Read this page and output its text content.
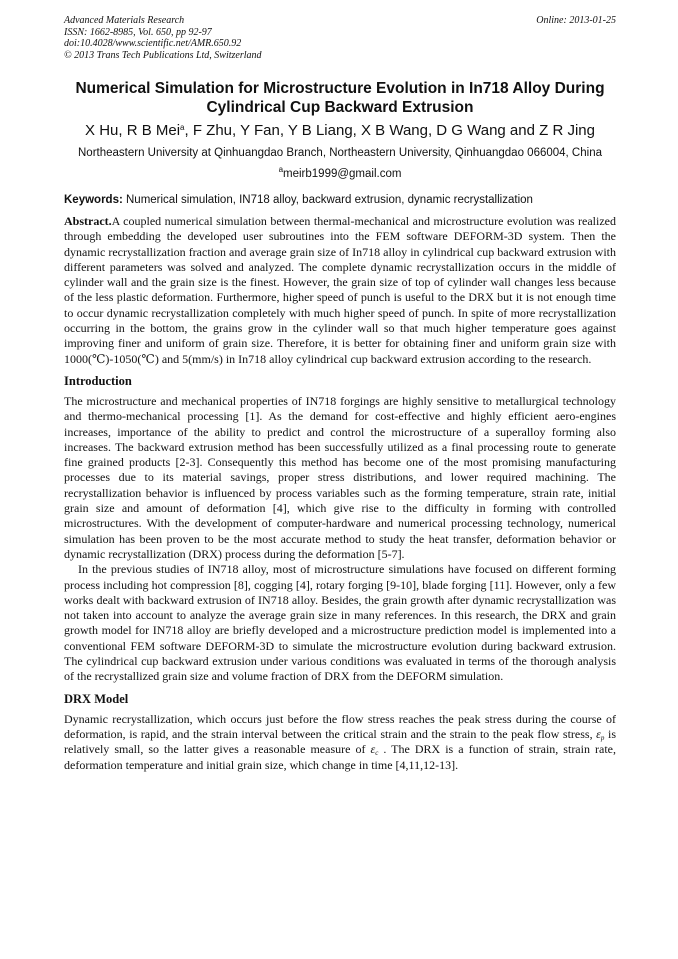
Advanced Materials Research
ISSN: 1662-8985, Vol. 650, pp 92-97
doi:10.4028/www.scientific.net/AMR.650.92
© 2013 Trans Tech Publications Ltd, Switzerland
Online: 2013-01-25
Numerical Simulation for Microstructure Evolution in In718 Alloy During Cylindrical Cup Backward Extrusion
X Hu, R B Mei$^a$, F Zhu, Y Fan, Y B Liang, X B Wang, D G Wang and Z R Jing
Northeastern University at Qinhuangdao Branch, Northeastern University, Qinhuangdao 066004, China
$^a$meirb1999@gmail.com
Keywords: Numerical simulation, IN718 alloy, backward extrusion, dynamic recrystallization

Abstract.A coupled numerical simulation between thermal-mechanical and microstructure evolution was realized through embedding the developed user subroutines into the FEM software DEFORM-3D system. Then the dynamic recrystallization fraction and average grain size of In718 alloy in cylindrical cup backward extrusion with different parameters was solved and analyzed. The complete dynamic recrystallization occurs in the middle of cylinder wall and the grain size is the finest. However, the grain size of top of cylinder wall changes less because of the less plastic deformation. Furthermore, higher speed of punch is useful to the DRX but it is not enough time to occur dynamic recrystallization completely with much higher speed of punch. In spite of more recrystallization occurring in the bottom, the grains grow in the cylinder wall so that much higher temperature goes against improving finer and uniform of grain size. Therefore, it is better for obtaining finer and uniform grain size with 1000(℃)-1050(℃) and 5(mm/s) in In718 alloy cylindrical cup backward extrusion according to the research.

Introduction

The microstructure and mechanical properties of IN718 forgings are highly sensitive to metallurgical technology and thermo-mechanical processing [1]. As the demand for cost-effective and highly efficient aero-engines increases, importance of the ability to predict and control the microstructure of a superalloy forming also increases. The backward extrusion method has been successfully utilized as a final processing route to generate fine grained products [2-3]. Consequently this method has become one of the most promising manufacturing processes due to its material savings, proper stress distributions, and lower required machining. The recrystallization behavior is influenced by process variables such as the forming temperature, strain rate, initial grain size and amount of deformation [4], which give rise to the difficulty in forming with controlled microstructures. With the development of computer-hardware and numerical processing technology, numerical simulation has been proven to be the most accurate method to study the heat transfer, deformation behavior or dynamic recrystallization (DRX) process during the deformation [5-7].

In the previous studies of IN718 alloy, most of microstructure simulations have focused on different forming process including hot compression [8], cogging [4], rotary forging [9-10], blade forging [11]. However, only a few works dealt with backward extrusion of IN718 alloy. Besides, the grain growth after dynamic recrystallization was not taken into account to analyze the average grain size in many references. In this research, the DRX and grain growth model for IN718 alloy are briefly developed and a microstructure prediction model is implemented into a conventional FEM software DEFORM-3D to simulate the microstructure evolution during backward extrusion. The cylindrical cup backward extrusion under various conditions was evaluated in terms of the thorough analysis of the recrystallized grain size and volume fraction of DRX from the DEFORM simulation.

DRX Model

Dynamic recrystallization, which occurs just before the flow stress reaches the peak stress during the course of deformation, is rapid, and the strain interval between the critical strain and the strain to the peak flow stress, $\varepsilon_p$ is relatively small, so the latter gives a reasonable measure of $\varepsilon_c$ . The DRX is a function of strain, strain rate, deformation temperature and initial grain size, which change in time [4,11,12-13].
